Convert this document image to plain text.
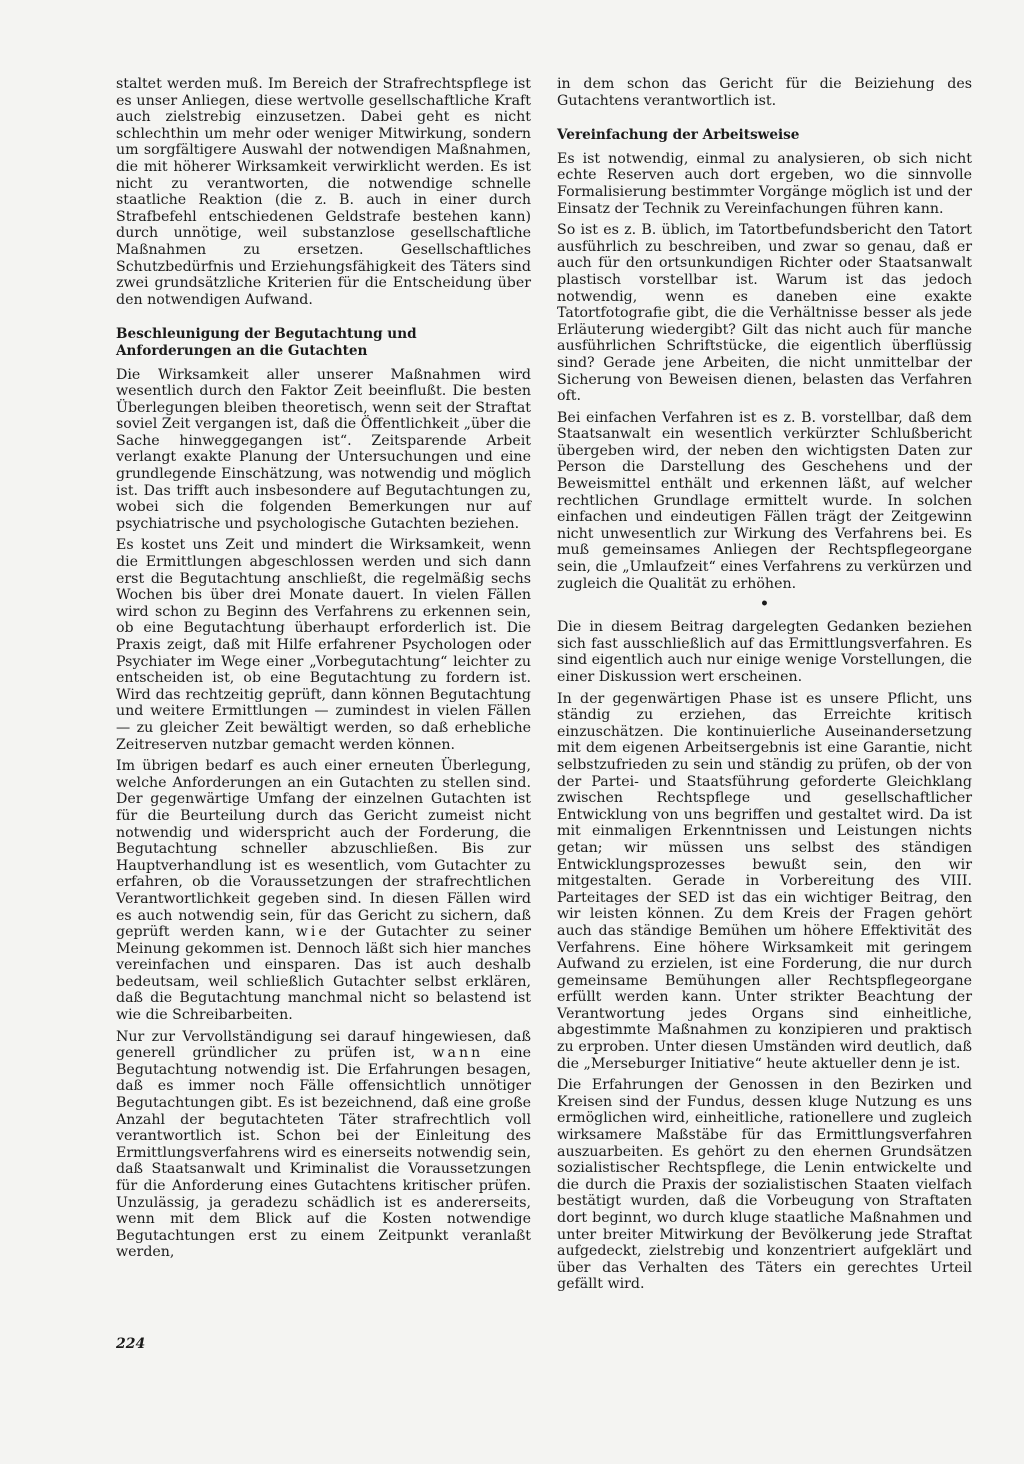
staltet werden muß. Im Bereich der Strafrechtspflege ist es unser Anliegen, diese wertvolle gesellschaftliche Kraft auch zielstrebig einzusetzen. Dabei geht es nicht schlechthin um mehr oder weniger Mitwirkung, sondern um sorgfältigere Auswahl der notwendigen Maßnahmen, die mit höherer Wirksamkeit verwirklicht werden. Es ist nicht zu verantworten, die notwendige schnelle staatliche Reaktion (die z. B. auch in einer durch Strafbefehl entschiedenen Geldstrafe bestehen kann) durch unnötige, weil substanzlose gesellschaftliche Maßnahmen zu ersetzen. Gesellschaftliches Schutzbedürfnis und Erziehungsfähigkeit des Täters sind zwei grundsätzliche Kriterien für die Entscheidung über den notwendigen Aufwand.

Beschleunigung der Begutachtung und Anforderungen an die Gutachten

Die Wirksamkeit aller unserer Maßnahmen wird wesentlich durch den Faktor Zeit beeinflußt. Die besten Überlegungen bleiben theoretisch, wenn seit der Straftat soviel Zeit vergangen ist, daß die Öffentlichkeit „über die Sache hinweggegangen ist“. Zeitsparende Arbeit verlangt exakte Planung der Untersuchungen und eine grundlegende Einschätzung, was notwendig und möglich ist. Das trifft auch insbesondere auf Begutachtungen zu, wobei sich die folgenden Bemerkungen nur auf psychiatrische und psychologische Gutachten beziehen.

Es kostet uns Zeit und mindert die Wirksamkeit, wenn die Ermittlungen abgeschlossen werden und sich dann erst die Begutachtung anschließt, die regelmäßig sechs Wochen bis über drei Monate dauert. In vielen Fällen wird schon zu Beginn des Verfahrens zu erkennen sein, ob eine Begutachtung überhaupt erforderlich ist. Die Praxis zeigt, daß mit Hilfe erfahrener Psychologen oder Psychiater im Wege einer „Vorbegutachtung“ leichter zu entscheiden ist, ob eine Begutachtung zu fordern ist. Wird das rechtzeitig geprüft, dann können Begutachtung und weitere Ermittlungen — zumindest in vielen Fällen — zu gleicher Zeit bewältigt werden, so daß erhebliche Zeitreserven nutzbar gemacht werden können.

Im übrigen bedarf es auch einer erneuten Überlegung, welche Anforderungen an ein Gutachten zu stellen sind. Der gegenwärtige Umfang der einzelnen Gutachten ist für die Beurteilung durch das Gericht zumeist nicht notwendig und widerspricht auch der Forderung, die Begutachtung schneller abzuschließen. Bis zur Hauptverhandlung ist es wesentlich, vom Gutachter zu erfahren, ob die Voraussetzungen der strafrechtlichen Verantwortlichkeit gegeben sind. In diesen Fällen wird es auch notwendig sein, für das Gericht zu sichern, daß geprüft werden kann, wie der Gutachter zu seiner Meinung gekommen ist. Dennoch läßt sich hier manches vereinfachen und einsparen. Das ist auch deshalb bedeutsam, weil schließlich Gutachter selbst erklären, daß die Begutachtung manchmal nicht so belastend ist wie die Schreibarbeiten.

Nur zur Vervollständigung sei darauf hingewiesen, daß generell gründlicher zu prüfen ist, wann eine Begutachtung notwendig ist. Die Erfahrungen besagen, daß es immer noch Fälle offensichtlich unnötiger Begutachtungen gibt. Es ist bezeichnend, daß eine große Anzahl der begutachteten Täter strafrechtlich voll verantwortlich ist. Schon bei der Einleitung des Ermittlungsverfahrens wird es einerseits notwendig sein, daß Staatsanwalt und Kriminalist die Voraussetzungen für die Anforderung eines Gutachtens kritischer prüfen. Unzulässig, ja geradezu schädlich ist es andererseits, wenn mit dem Blick auf die Kosten notwendige Begutachtungen erst zu einem Zeitpunkt veranlaßt werden,

in dem schon das Gericht für die Beiziehung des Gutachtens verantwortlich ist.

Vereinfachung der Arbeitsweise

Es ist notwendig, einmal zu analysieren, ob sich nicht echte Reserven auch dort ergeben, wo die sinnvolle Formalisierung bestimmter Vorgänge möglich ist und der Einsatz der Technik zu Vereinfachungen führen kann.

So ist es z. B. üblich, im Tatortbefundsbericht den Tatort ausführlich zu beschreiben, und zwar so genau, daß er auch für den ortsunkundigen Richter oder Staatsanwalt plastisch vorstellbar ist. Warum ist das jedoch notwendig, wenn es daneben eine exakte Tatortfotografie gibt, die die Verhältnisse besser als jede Erläuterung wiedergibt? Gilt das nicht auch für manche ausführlichen Schriftstücke, die eigentlich überflüssig sind? Gerade jene Arbeiten, die nicht unmittelbar der Sicherung von Beweisen dienen, belasten das Verfahren oft.

Bei einfachen Verfahren ist es z. B. vorstellbar, daß dem Staatsanwalt ein wesentlich verkürzter Schlußbericht übergeben wird, der neben den wichtigsten Daten zur Person die Darstellung des Geschehens und der Beweismittel enthält und erkennen läßt, auf welcher rechtlichen Grundlage ermittelt wurde. In solchen einfachen und eindeutigen Fällen trägt der Zeitgewinn nicht unwesentlich zur Wirkung des Verfahrens bei. Es muß gemeinsames Anliegen der Rechtspflegeorgane sein, die „Umlaufzeit“ eines Verfahrens zu verkürzen und zugleich die Qualität zu erhöhen.

•

Die in diesem Beitrag dargelegten Gedanken beziehen sich fast ausschließlich auf das Ermittlungsverfahren. Es sind eigentlich auch nur einige wenige Vorstellungen, die einer Diskussion wert erscheinen.

In der gegenwärtigen Phase ist es unsere Pflicht, uns ständig zu erziehen, das Erreichte kritisch einzuschätzen. Die kontinuierliche Auseinandersetzung mit dem eigenen Arbeitsergebnis ist eine Garantie, nicht selbstzufrieden zu sein und ständig zu prüfen, ob der von der Partei- und Staatsführung geforderte Gleichklang zwischen Rechtspflege und gesellschaftlicher Entwicklung von uns begriffen und gestaltet wird. Da ist mit einmaligen Erkenntnissen und Leistungen nichts getan; wir müssen uns selbst des ständigen Entwicklungsprozesses bewußt sein, den wir mitgestalten. Gerade in Vorbereitung des VIII. Parteitages der SED ist das ein wichtiger Beitrag, den wir leisten können. Zu dem Kreis der Fragen gehört auch das ständige Bemühen um höhere Effektivität des Verfahrens. Eine höhere Wirksamkeit mit geringem Aufwand zu erzielen, ist eine Forderung, die nur durch gemeinsame Bemühungen aller Rechtspflegeorgane erfüllt werden kann. Unter strikter Beachtung der Verantwortung jedes Organs sind einheitliche, abgestimmte Maßnahmen zu konzipieren und praktisch zu erproben. Unter diesen Umständen wird deutlich, daß die „Merseburger Initiative“ heute aktueller denn je ist.

Die Erfahrungen der Genossen in den Bezirken und Kreisen sind der Fundus, dessen kluge Nutzung es uns ermöglichen wird, einheitliche, rationellere und zugleich wirksamere Maßstäbe für das Ermittlungsverfahren auszuarbeiten. Es gehört zu den ehernen Grundsätzen sozialistischer Rechtspflege, die Lenin entwickelte und die durch die Praxis der sozialistischen Staaten vielfach bestätigt wurden, daß die Vorbeugung von Straftaten dort beginnt, wo durch kluge staatliche Maßnahmen und unter breiter Mitwirkung der Bevölkerung jede Straftat aufgedeckt, zielstrebig und konzentriert aufgeklärt und über das Verhalten des Täters ein gerechtes Urteil gefällt wird.

224
